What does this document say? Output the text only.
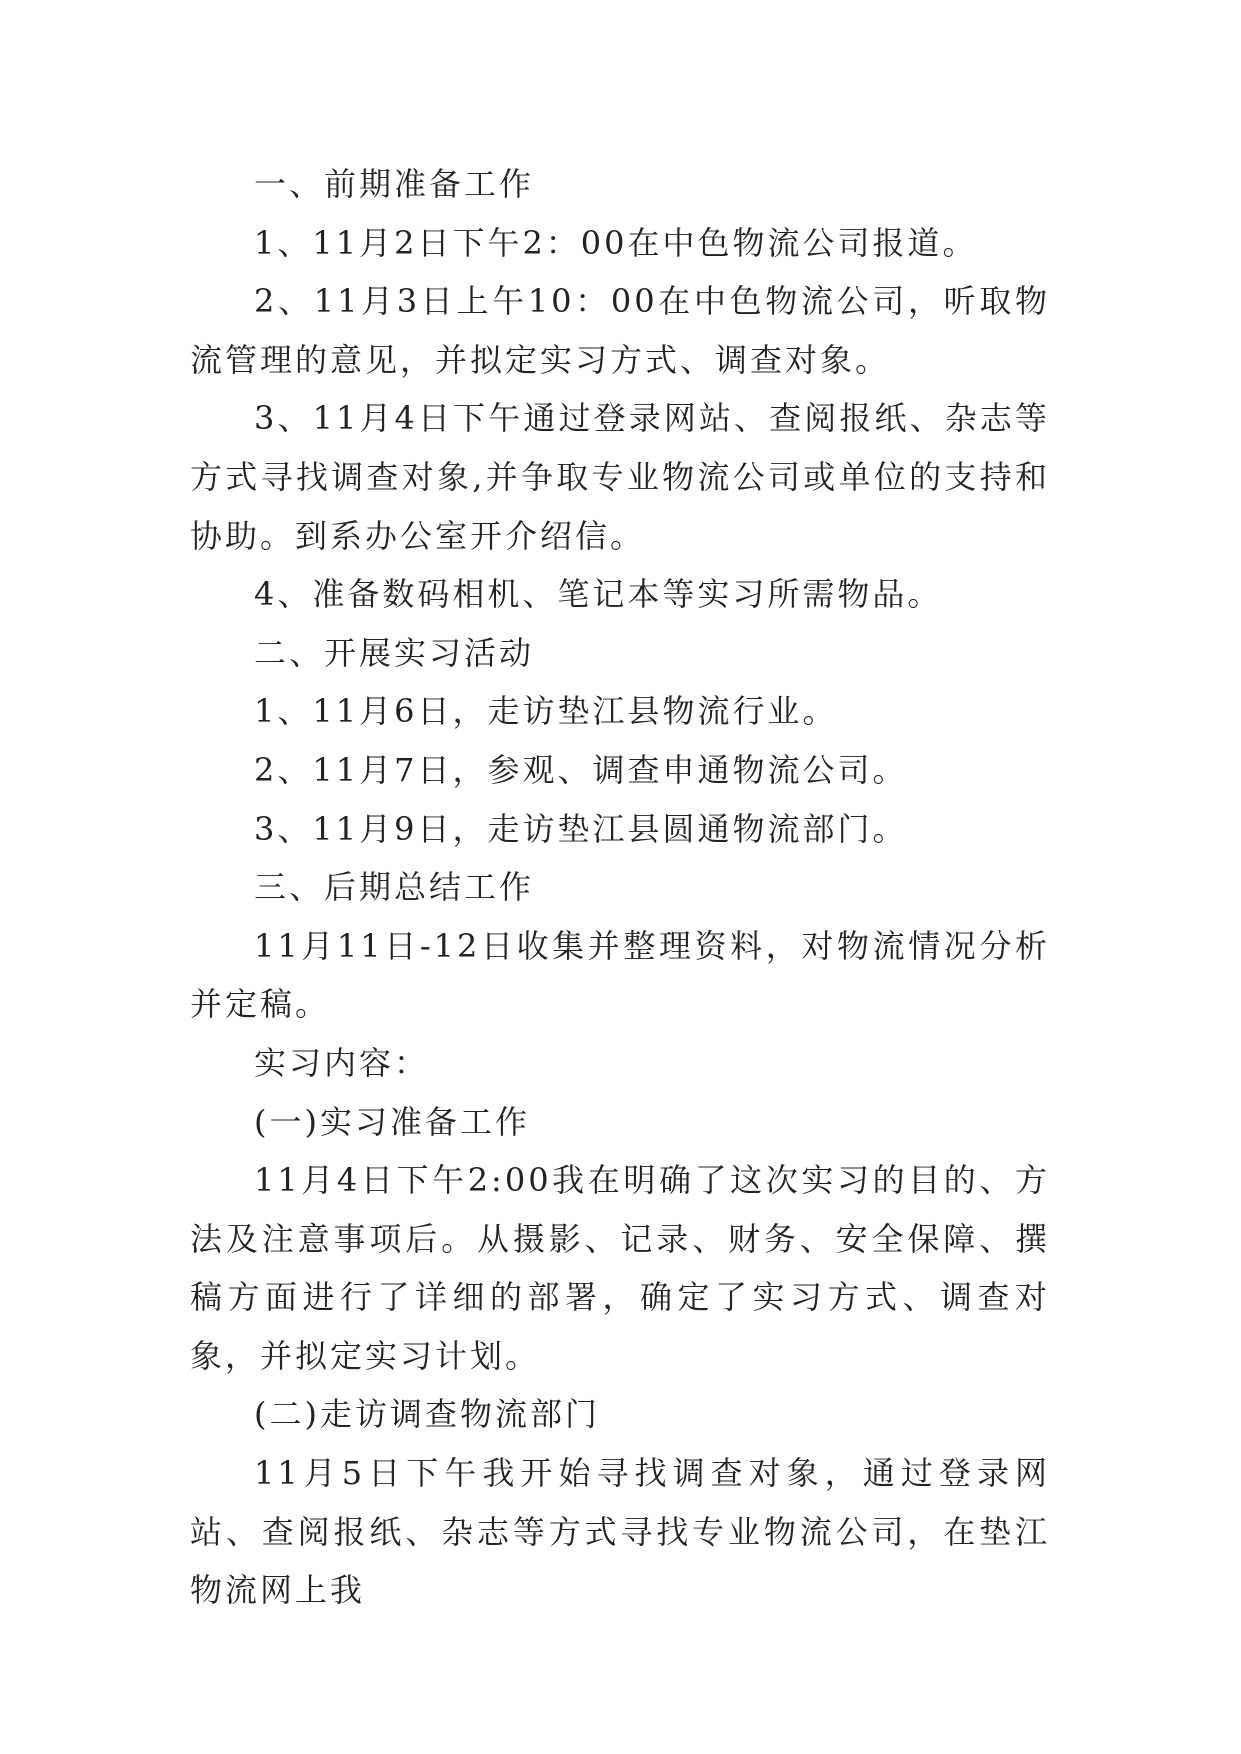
一、前期准备工作

1、11月2日下午2：00在中色物流公司报道。

2、11月3日上午10：00在中色物流公司，听取物流管理的意见，并拟定实习方式、调查对象。

3、11月4日下午通过登录网站、查阅报纸、杂志等方式寻找调查对象,并争取专业物流公司或单位的支持和协助。到系办公室开介绍信。

4、准备数码相机、笔记本等实习所需物品。

二、开展实习活动

1、11月6日，走访垫江县物流行业。

2、11月7日，参观、调查申通物流公司。

3、11月9日，走访垫江县圆通物流部门。

三、后期总结工作

11月11日-12日收集并整理资料，对物流情况分析并定稿。

实习内容：

(一)实习准备工作

11月4日下午2:00我在明确了这次实习的目的、方法及注意事项后。从摄影、记录、财务、安全保障、撰稿方面进行了详细的部署，确定了实习方式、调查对象，并拟定实习计划。

(二)走访调查物流部门

11月5日下午我开始寻找调查对象，通过登录网站、查阅报纸、杂志等方式寻找专业物流公司，在垫江物流网上我
